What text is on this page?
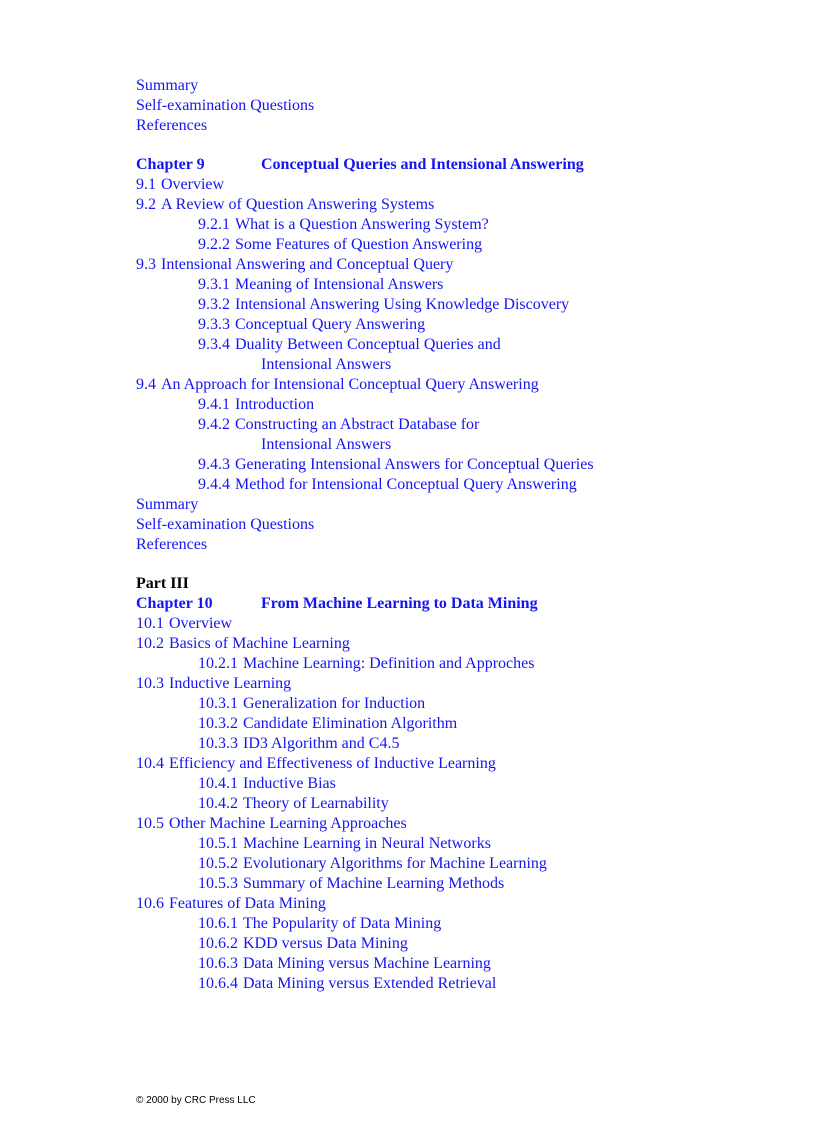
Summary
Self-examination Questions
References
Chapter 9	Conceptual Queries and Intensional Answering
9.1 Overview
9.2 A Review of Question Answering Systems
9.2.1 What is a Question Answering System?
9.2.2 Some Features of Question Answering
9.3 Intensional Answering and Conceptual Query
9.3.1 Meaning of Intensional Answers
9.3.2 Intensional Answering Using Knowledge Discovery
9.3.3 Conceptual Query Answering
9.3.4 Duality Between Conceptual Queries and
Intensional Answers
9.4 An Approach for Intensional Conceptual Query Answering
9.4.1 Introduction
9.4.2 Constructing an Abstract Database for
Intensional Answers
9.4.3 Generating Intensional Answers for Conceptual Queries
9.4.4 Method for Intensional Conceptual Query Answering
Summary
Self-examination Questions
References
Part III
Chapter 10	From Machine Learning to Data Mining
10.1 Overview
10.2 Basics of Machine Learning
10.2.1 Machine Learning: Definition and Approches
10.3 Inductive Learning
10.3.1 Generalization for Induction
10.3.2 Candidate Elimination Algorithm
10.3.3 ID3 Algorithm and C4.5
10.4 Efficiency and Effectiveness of Inductive Learning
10.4.1 Inductive Bias
10.4.2 Theory of Learnability
10.5 Other Machine Learning Approaches
10.5.1 Machine Learning in Neural Networks
10.5.2 Evolutionary Algorithms for Machine Learning
10.5.3 Summary of Machine Learning Methods
10.6 Features of Data Mining
10.6.1 The Popularity of Data Mining
10.6.2 KDD versus Data Mining
10.6.3 Data Mining versus Machine Learning
10.6.4 Data Mining versus Extended Retrieval
© 2000 by CRC Press LLC
